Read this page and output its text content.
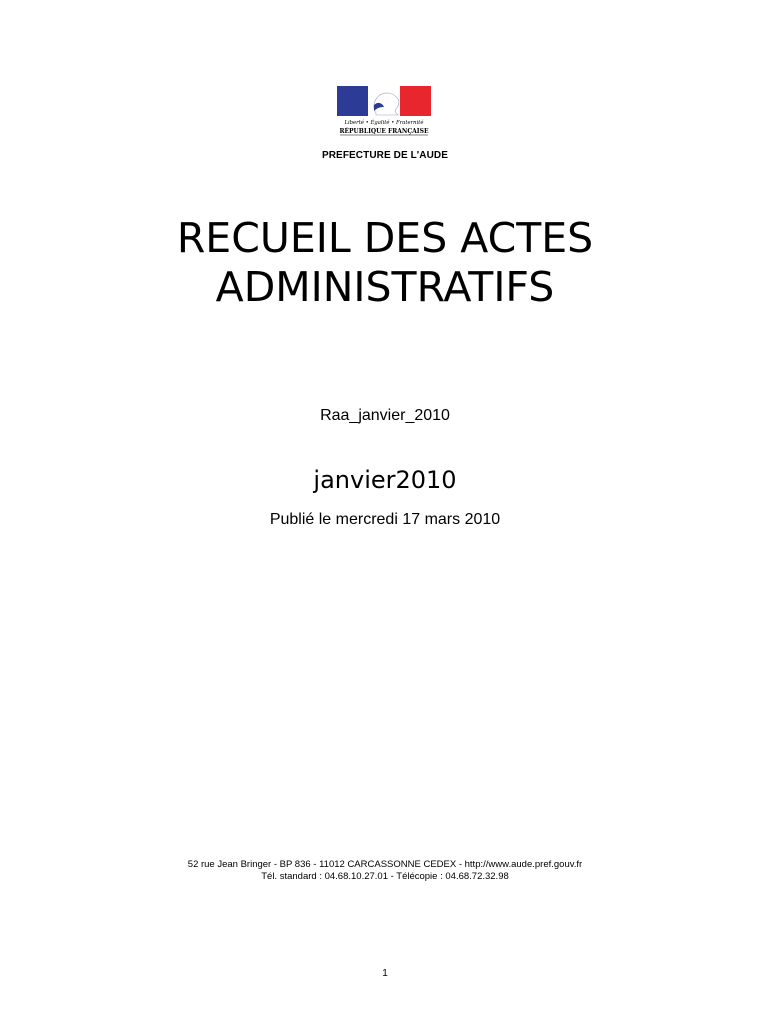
Liberté • Égalité • Fraternité
RÉPUBLIQUE FRANÇAISE
PREFECTURE DE L'AUDE
RECUEIL DES ACTES
ADMINISTRATIFS
Raa_janvier_2010
janvier2010
Publié le mercredi 17 mars 2010
52 rue Jean Bringer - BP 836 - 11012 CARCASSONNE CEDEX - http://www.aude.pref.gouv.fr
Tél. standard : 04.68.10.27.01 - Télécopie : 04.68.72.32.98
1
